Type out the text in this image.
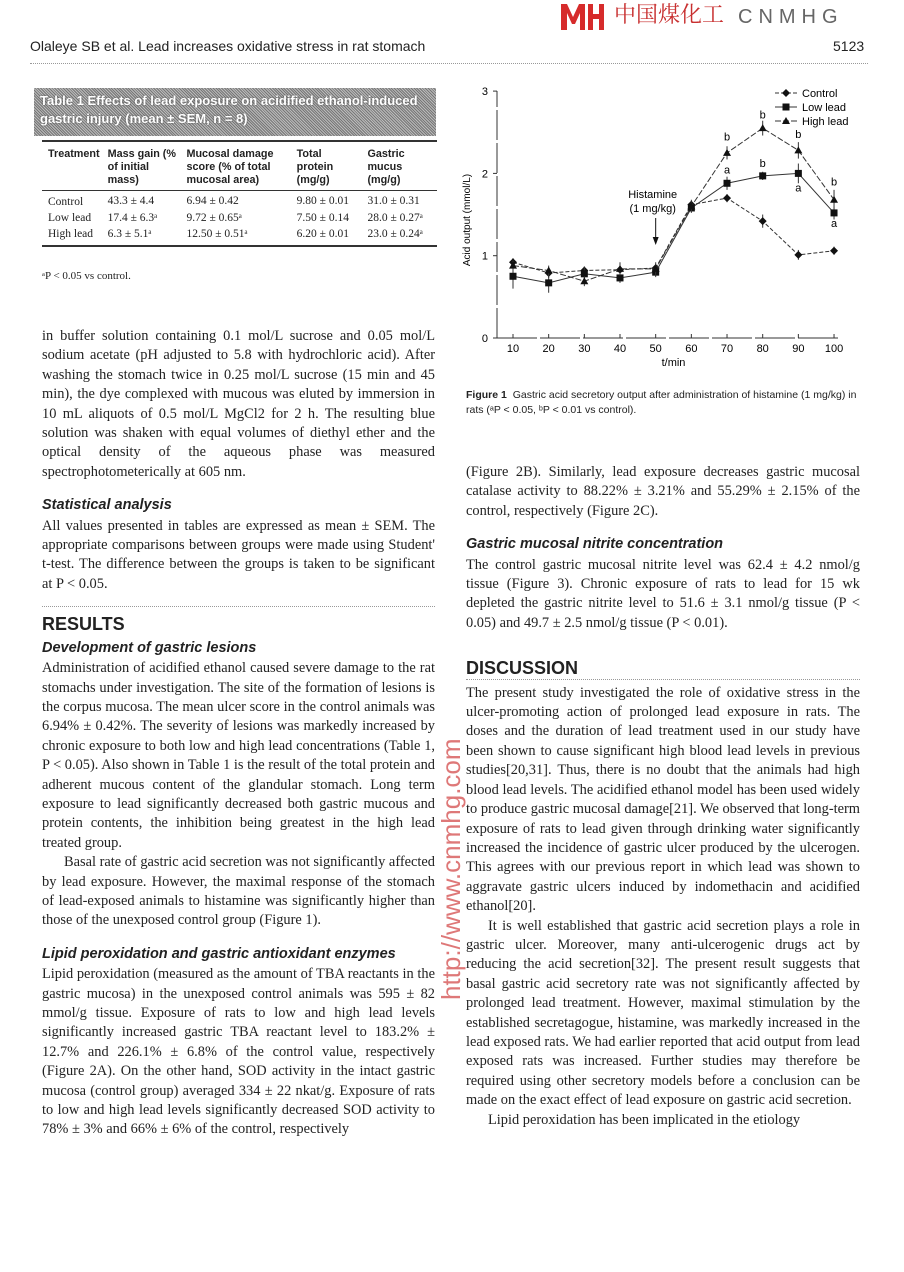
中国煤化工 CNMHG
Olaleye SB et al. Lead increases oxidative stress in rat stomach	5123
Table 1 Effects of lead exposure on acidified ethanol-induced gastric injury (mean ± SEM, n = 8)
Treatment	Mass gain (% of initial mass)	Mucosal damage score (% of total mucosal area)	Total protein (mg/g)	Gastric mucus (mg/g)
Control	43.3 ± 4.4	6.94 ± 0.42	9.80 ± 0.01	31.0 ± 0.31
Low lead	17.4 ± 6.3ᵃ	9.72 ± 0.65ᵃ	7.50 ± 0.14	28.0 ± 0.27ᵃ
High lead	6.3 ± 5.1ᵃ	12.50 ± 0.51ᵃ	6.20 ± 0.01	23.0 ± 0.24ᵃ
ᵃP < 0.05 vs control.

in buffer solution containing 0.1 mol/L sucrose and 0.05 mol/L sodium acetate (pH adjusted to 5.8 with hydrochloric acid). After washing the stomach twice in 0.25 mol/L sucrose (15 min and 45 min), the dye complexed with mucous was eluted by immersion in 10 mL aliquots of 0.5 mol/L MgCl2 for 2 h. The resulting blue solution was shaken with equal volumes of diethyl ether and the optical density of the aqueous phase was measured spectrophotometerically at 605 nm.

Statistical analysis

All values presented in tables are expressed as mean ± SEM. The appropriate comparisons between groups were made using Student' t-test. The difference between the groups is taken to be significant at P < 0.05.

RESULTS
Development of gastric lesions

Administration of acidified ethanol caused severe damage to the rat stomachs under investigation. The site of the formation of lesions is the corpus mucosa. The mean ulcer score in the control animals was 6.94% ± 0.42%. The severity of lesions was markedly increased by chronic exposure to both low and high lead concentrations (Table 1, P < 0.05). Also shown in Table 1 is the result of the total protein and adherent mucous content of the glandular stomach. Long term exposure to lead significantly decreased both gastric mucous and protein contents, the inhibition being greatest in the high lead treated group.

Basal rate of gastric acid secretion was not significantly affected by lead exposure. However, the maximal response of the stomach of lead-exposed animals to histamine was significantly higher than those of the unexposed control group (Figure 1).

Lipid peroxidation and gastric antioxidant enzymes

Lipid peroxidation (measured as the amount of TBA reactants in the gastric mucosa) in the unexposed control animals was 595 ± 82 mmol/g tissue. Exposure of rats to low and high lead levels significantly increased gastric TBA reactant level to 183.2% ± 12.7% and 226.1% ± 6.8% of the control value, respectively (Figure 2A). On the other hand, SOD activity in the intact gastric mucosa (control group) averaged 334 ± 22 nkat/g. Exposure of rats to low and high lead levels significantly decreased SOD activity to 78% ± 3% and 66% ± 6% of the control, respectively

0
1
2
3
10 20 30 40 50 60 70 80 90 100
t/min
Acid output (mmol/L)
Control
Low lead
High lead
b
a
b
b
b
a	b
a
Histamine
(1 mg/kg)
Figure 1 Gastric acid secretory output after administration of histamine (1 mg/kg) in rats (ᵃP < 0.05, ᵇP < 0.01 vs control).

(Figure 2B). Similarly, lead exposure decreases gastric mucosal catalase activity to 88.22% ± 3.21% and 55.29% ± 2.15% of the control, respectively (Figure 2C).

Gastric mucosal nitrite concentration

The control gastric mucosal nitrite level was 62.4 ± 4.2 nmol/g tissue (Figure 3). Chronic exposure of rats to lead for 15 wk depleted the gastric nitrite level to 51.6 ± 3.1 nmol/g tissue (P < 0.05) and 49.7 ± 2.5 nmol/g tissue (P < 0.01).

DISCUSSION

The present study investigated the role of oxidative stress in the ulcer-promoting action of prolonged lead exposure in rats. The doses and the duration of lead treatment used in our study have been shown to cause significant high blood lead levels in previous studies[20,31]. Thus, there is no doubt that the animals had high blood lead levels. The acidified ethanol model has been used widely to produce gastric mucosal damage[21]. We observed that long-term exposure of rats to lead given through drinking water significantly increased the incidence of gastric ulcer produced by the ulcerogen. This agrees with our previous report in which lead was shown to aggravate gastric ulcers induced by indomethacin and acidified ethanol[20].

It is well established that gastric acid secretion plays a role in gastric ulcer. Moreover, many anti-ulcerogenic drugs act by reducing the acid secretion[32]. The present result suggests that basal gastric acid secretory rate was not significantly affected by prolonged lead treatment. However, maximal stimulation by the established secretagogue, histamine, was markedly increased in the lead exposed rats. We had earlier reported that acid output from lead exposed rats was increased. Further studies may therefore be required using other secretory models before a conclusion can be made on the exact effect of lead exposure on gastric acid secretion.

Lipid peroxidation has been implicated in the etiology

http://www.cnmhg.com
